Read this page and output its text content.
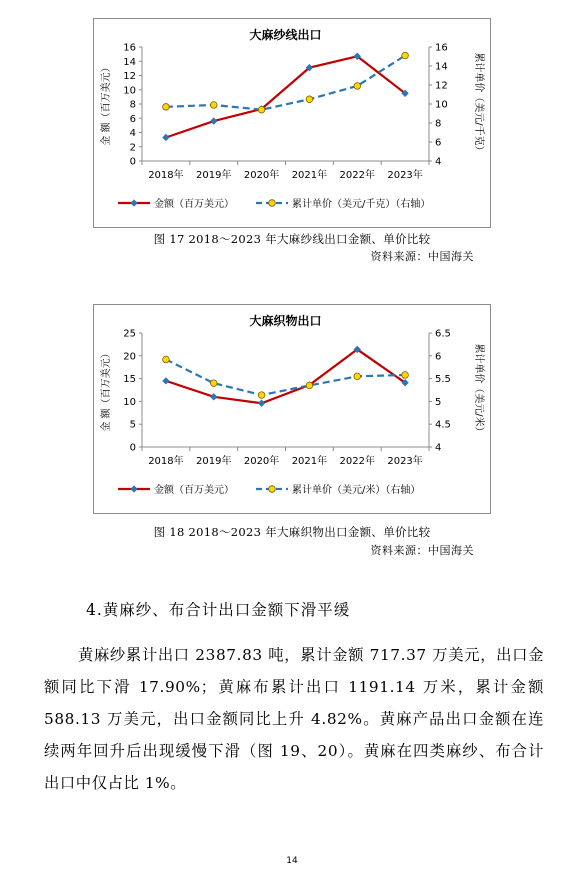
大麻纱线出口
0
2
4
6
8
10
12
14
16
4
6
8
10
12
14
16
2018年 2019年 2020年 2021年 2022年 2023年
金 额（百万美元）	累计单价（美元/千克）
金额（百万美元）	累计单价（美元/千克）（右轴）
图 17 2018～2023 年大麻纱线出口金额、单价比较
资料来源：中国海关
大麻织物出口
0
5
10
15
20
25
4
4.5
5
5.5
6
6.5
2018年 2019年 2020年 2021年 2022年 2023年
金 额（百万美元）	累计单价（美元/米）
金额（百万美元）	累计单价（美元/米）（右轴）
图 18 2018～2023 年大麻织物出口金额、单价比较
资料来源：中国海关
4.黄麻纱、布合计出口金额下滑平缓
黄麻纱累计出口 2387.83 吨，累计金额 717.37 万美元，出口金额同比下滑 17.90%；黄麻布累计出口 1191.14 万米，累计金额 588.13 万美元，出口金额同比上升 4.82%。黄麻产品出口金额在连续两年回升后出现缓慢下滑（图 19、20）。黄麻在四类麻纱、布合计出口中仅占比 1%。
14
